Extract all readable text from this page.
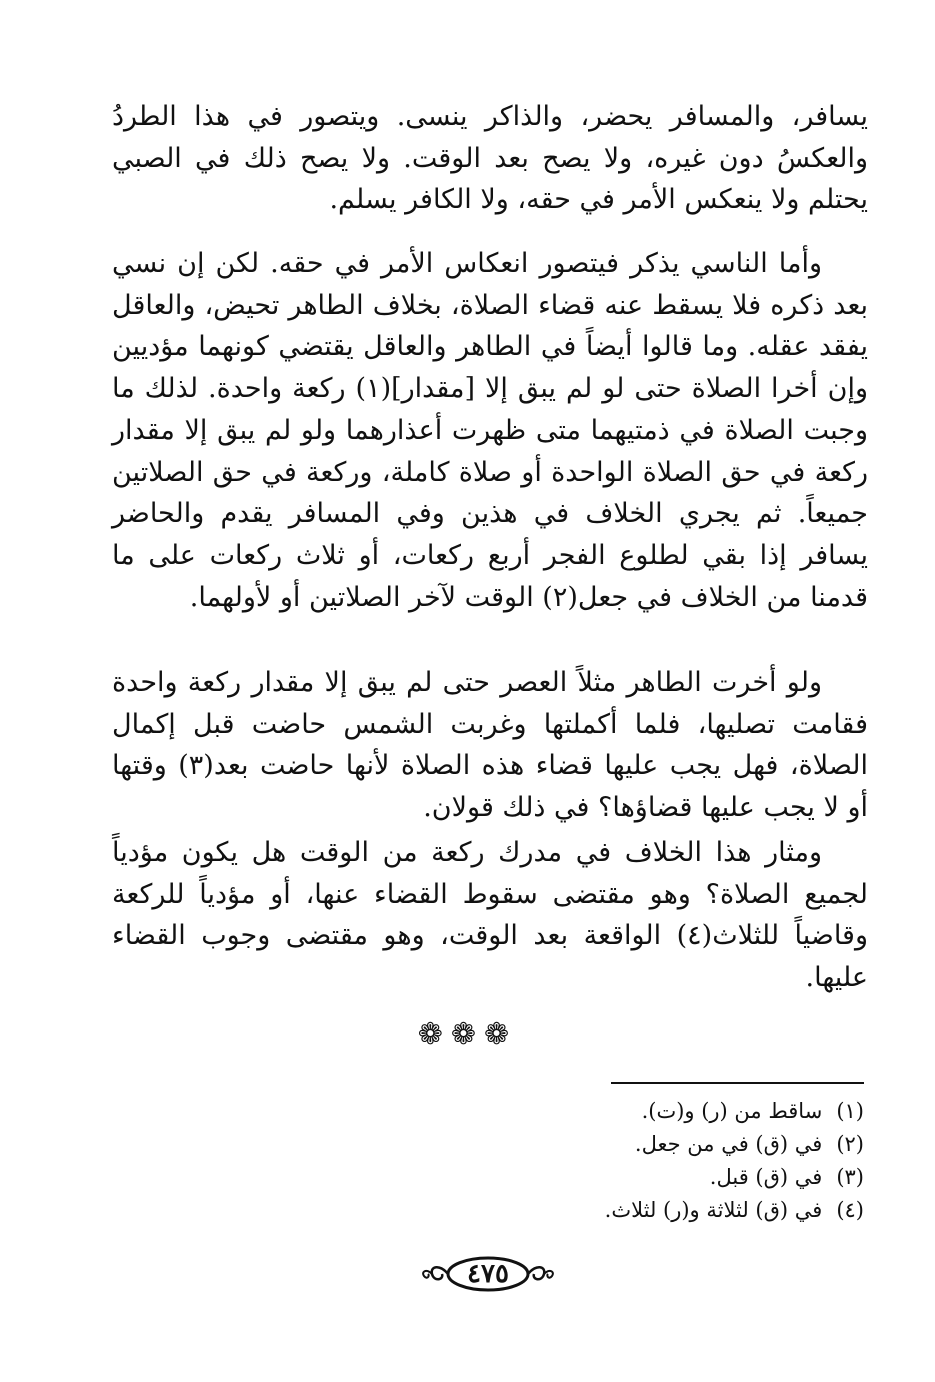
يسافر، والمسافر يحضر، والذاكر ينسى. ويتصور في هذا الطردُ والعكسُ دون غيره، ولا يصح بعد الوقت. ولا يصح ذلك في الصبي يحتلم ولا ينعكس الأمر في حقه، ولا الكافر يسلم.

وأما الناسي يذكر فيتصور انعكاس الأمر في حقه. لكن إن نسي بعد ذكره فلا يسقط عنه قضاء الصلاة، بخلاف الطاهر تحيض، والعاقل يفقد عقله. وما قالوا أيضاً في الطاهر والعاقل يقتضي كونهما مؤديين وإن أخرا الصلاة حتى لو لم يبق إلا [مقدار](١) ركعة واحدة. لذلك ما وجبت الصلاة في ذمتيهما متى ظهرت أعذارهما ولو لم يبق إلا مقدار ركعة في حق الصلاة الواحدة أو صلاة كاملة، وركعة في حق الصلاتين جميعاً. ثم يجري الخلاف في هذين وفي المسافر يقدم والحاضر يسافر إذا بقي لطلوع الفجر أربع ركعات، أو ثلاث ركعات على ما قدمنا من الخلاف في جعل(٢) الوقت لآخر الصلاتين أو لأولهما.

ولو أخرت الطاهر مثلاً العصر حتى لم يبق إلا مقدار ركعة واحدة فقامت تصليها، فلما أكملتها وغربت الشمس حاضت قبل إكمال الصلاة، فهل يجب عليها قضاء هذه الصلاة لأنها حاضت بعد(٣) وقتها أو لا يجب عليها قضاؤها؟ في ذلك قولان.

ومثار هذا الخلاف في مدرك ركعة من الوقت هل يكون مؤدياً لجميع الصلاة؟ وهو مقتضى سقوط القضاء عنها، أو مؤدياً للركعة وقاضياً للثلاث(٤) الواقعة بعد الوقت، وهو مقتضى وجوب القضاء عليها.

❁❁❁
(١)ساقط من (ر) و(ت).
(٢)في (ق) في من جعل.
(٣)في (ق) قبل.
(٤)في (ق) لثلاثة و(ر) لثلاث.
٤٧٥
